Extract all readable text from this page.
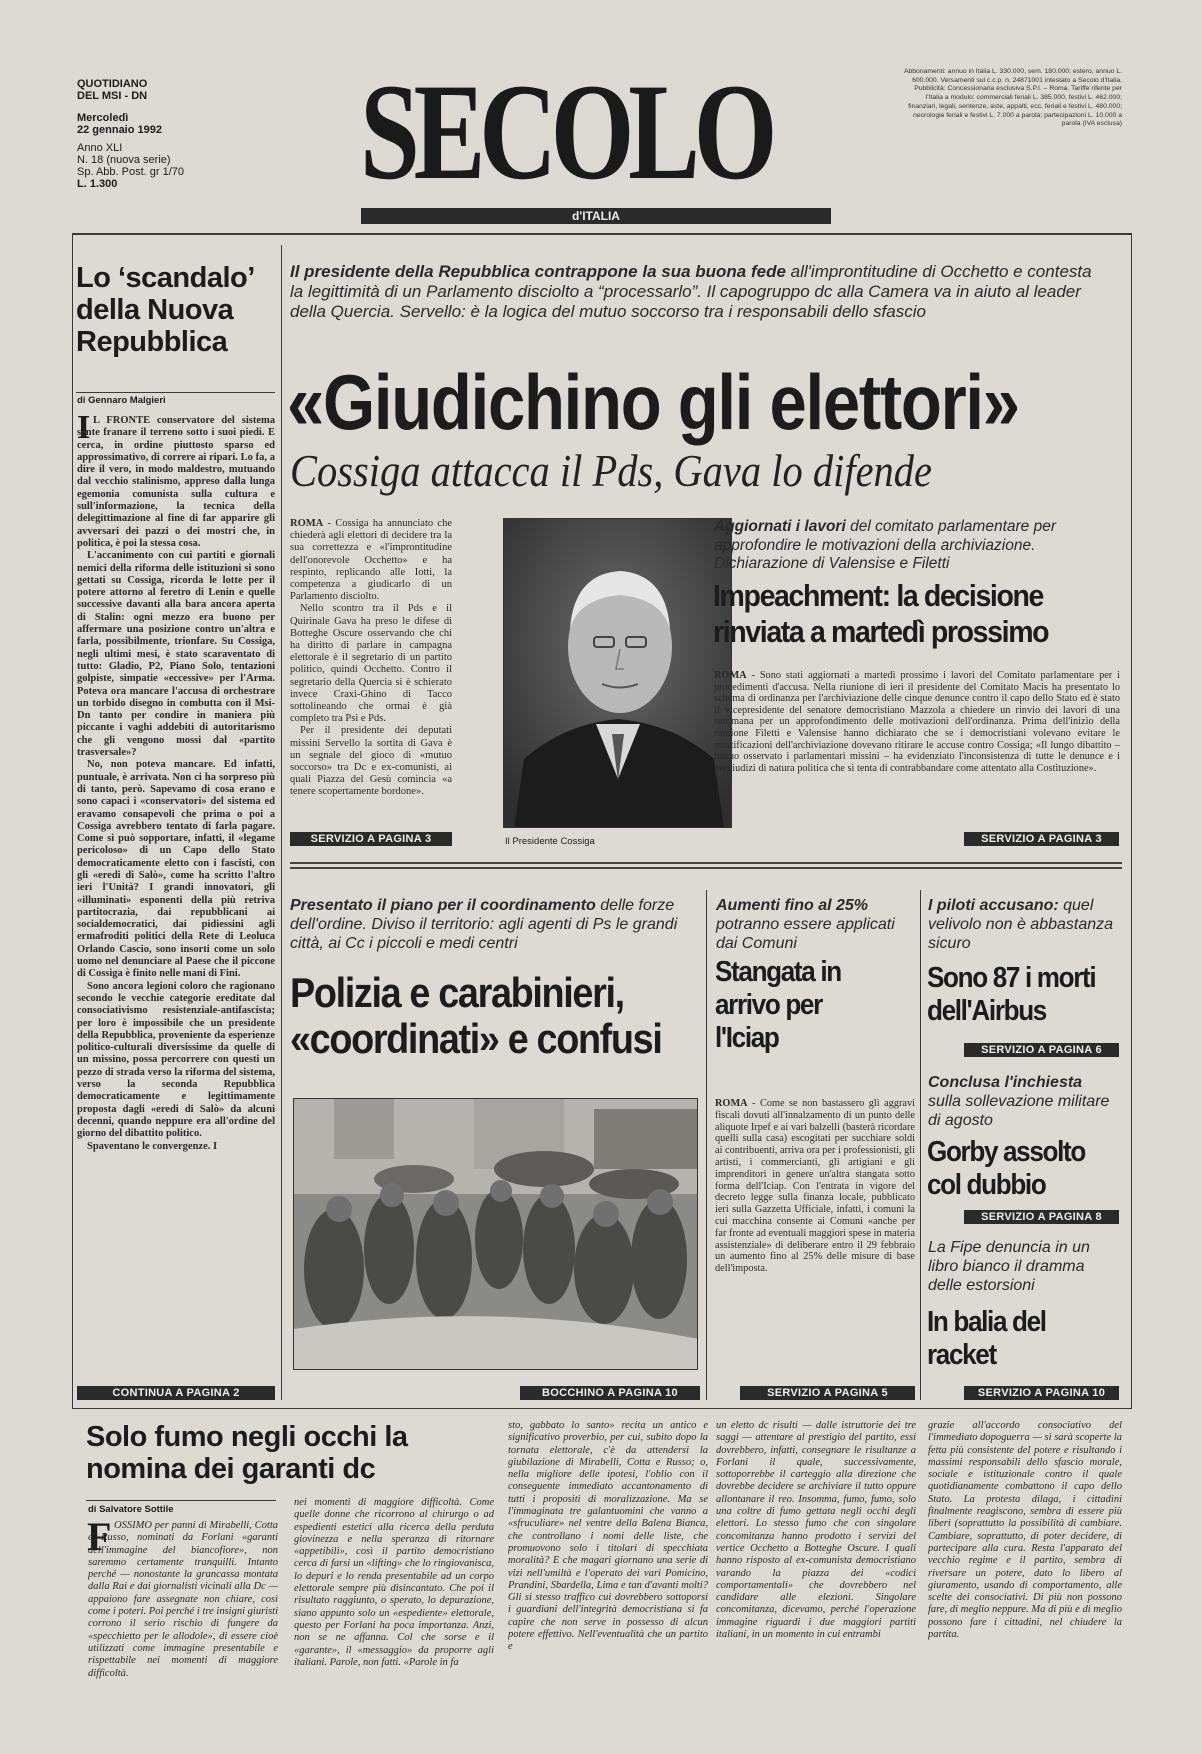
QUOTIDIANO
DEL MSI - DN
Mercoledì
22 gennaio 1992
Anno XLI
N. 18 (nuova serie)
Sp. Abb. Post. gr 1/70
L. 1.300	SECOLO
d'ITALIA
Abbonamenti: annuo in Italia L. 330.000, sem. 180.000; estero, annuo L. 600.000. Versamenti sul c.c.p. n. 24871001 intestato a Secolo d'Italia. Pubblicità: Concessionaria esclusiva S.P.I. – Roma. Tariffe riferite per l'Italia a modulo: commerciali feriali L. 385.000, festivi L. 462.000; finanziari, legali, sentenze, aste, appalti, ecc. feriali e festivi L. 480.000; necrologie feriali e festivi L. 7.000 a parola; partecipazioni L. 10.000 a parola (IVA esclusa)
Lo ‘scandalo’ della Nuova Repubblica
di Gennaro Malgieri
I L FRONTE conservatore del sistema sente franare il terreno sotto i suoi piedi. E cerca, in ordine piuttosto sparso ed approssimativo, di correre ai ripari. Lo fa, a dire il vero, in modo maldestro, mutuando dal vecchio stalinismo, appreso dalla lunga egemonia comunista sulla cultura e sull'informazione, la tecnica della delegittimazione al fine di far apparire gli avversari dei pazzi o dei mostri che, in politica, è poi la stessa cosa.

L'accanimento con cui partiti e giornali nemici della riforma delle istituzioni si sono gettati su Cossiga, ricorda le lotte per il potere attorno al feretro di Lenin e quelle successive davanti alla bara ancora aperta di Stalin: ogni mezzo era buono per affermare una posizione contro un'altra e farla, possibilmente, trionfare. Su Cossiga, negli ultimi mesi, è stato scaraventato di tutto: Gladio, P2, Piano Solo, tentazioni golpiste, simpatie «eccessive» per l'Arma. Poteva ora mancare l'accusa di orchestrare un torbido disegno in combutta con il Msi-Dn tanto per condire in maniera più piccante i vaghi addebiti di autoritarismo che gli vengono mossi dal «partito trasversale»?

No, non poteva mancare. Ed infatti, puntuale, è arrivata. Non ci ha sorpreso più di tanto, però. Sapevamo di cosa erano e sono capaci i «conservatori» del sistema ed eravamo consapevoli che prima o poi a Cossiga avrebbero tentato di farla pagare. Come si può sopportare, infatti, il «legame pericoloso» di un Capo dello Stato democraticamente eletto con i fascisti, con gli «eredi di Salò», come ha scritto l'altro ieri l'Unità? I grandi innovatori, gli «illuminati» esponenti della più retriva partitocrazia, dai repubblicani ai socialdemocratici, dai pidiessini agli ermafroditi politici della Rete di Leoluca Orlando Cascio, sono insorti come un solo uomo nel denunciare al Paese che il piccone di Cossiga è finito nelle mani di Fini.

Sono ancora legioni coloro che ragionano secondo le vecchie categorie ereditate dal consociativismo resistenziale-antifascista; per loro è impossibile che un presidente della Repubblica, proveniente da esperienze politico-culturali diversissime da quelle di un missino, possa percorrere con questi un pezzo di strada verso la riforma del sistema, verso la seconda Repubblica democraticamente e legittimamente proposta dagli «eredi di Salò» da alcuni decenni, quando neppure era all'ordine del giorno del dibattito politico.

Spaventano le convergenze. I

CONTINUA A PAGINA 2
Il presidente della Repubblica contrappone la sua buona fede all'improntitudine di Occhetto e contesta la legittimità di un Parlamento disciolto a “processarlo”. Il capogruppo dc alla Camera va in aiuto al leader della Quercia. Servello: è la logica del mutuo soccorso tra i responsabili dello sfascio
«Giudichino gli elettori»
Cossiga attacca il Pds, Gava lo difende

ROMA - Cossiga ha annunciato che chiederà agli elettori di decidere tra la sua correttezza e «l'improntitudine dell'onorevole Occhetto» e ha respinto, replicando alle Iotti, la competenza a giudicarlo di un Parlamento disciolto.

Nello scontro tra il Pds e il Quirinale Gava ha preso le difese di Botteghe Oscure osservando che chi ha diritto di parlare in campagna elettorale è il segretario di un partito politico, quindi Occhetto. Contro il segretario della Quercia si è schierato invece Craxi-Ghino di Tacco sottolineando che ormai è già completo tra Psi e Pds.

Per il presidente dei deputati missini Servello la sortita di Gava è un segnale del gioco di «mutuo soccorso» tra Dc e ex-comunisti, ai quali Piazza del Gesù comincia «a tenere scopertamente bordone».

SERVIZIO A PAGINA 3	Il Presidente Cossiga
Aggiornati i lavori del comitato parlamentare per approfondire le motivazioni della archiviazione. Dichiarazione di Valensise e Filetti
Impeachment: la decisione rinviata a martedì prossimo

ROMA - Sono stati aggiornati a martedì prossimo i lavori del Comitato parlamentare per i procedimenti d'accusa. Nella riunione di ieri il presidente del Comitato Macis ha presentato lo schema di ordinanza per l'archiviazione delle cinque denunce contro il capo dello Stato ed è stato il vicepresidente del senatore democristiano Mazzola a chiedere un rinvio dei lavori di una settimana per un approfondimento delle motivazioni dell'ordinanza. Prima dell'inizio della riunione Filetti e Valensise hanno dichiarato che se i democristiani volevano evitare le mortificazioni dell'archiviazione dovevano ritirare le accuse contro Cossiga; «Il lungo dibattito – hanno osservato i parlamentari missini – ha evidenziato l'inconsistenza di tutte le denunce e i pregiudizi di natura politica che si tenta di contrabbandare come attentato alla Costituzione».

SERVIZIO A PAGINA 3
Presentato il piano per il coordinamento delle forze dell'ordine. Diviso il territorio: agli agenti di Ps le grandi città, ai Cc i piccoli e medi centri
Polizia e carabinieri, «coordinati» e confusi
BOCCHINO A PAGINA 10
Aumenti fino al 25% potranno essere applicati dai Comuni
Stangata in arrivo per l'Iciap

ROMA - Come se non bastassero gli aggravi fiscali dovuti all'innalzamento di un punto delle aliquote Irpef e ai vari balzelli (basterà ricordare quelli sulla casa) escogitati per succhiare soldi ai contribuenti, arriva ora per i professionisti, gli artisti, i commercianti, gli artigiani e gli imprenditori in genere un'altra stangata sotto forma dell'Iciap. Con l'entrata in vigore del decreto legge sulla finanza locale, pubblicato ieri sulla Gazzetta Ufficiale, infatti, i comuni la cui macchina consente ai Comuni «anche per far fronte ad eventuali maggiori spese in materia assistenziale» di deliberare entro il 29 febbraio un aumento fino al 25% delle misure di base dell'imposta.

SERVIZIO A PAGINA 5
I piloti accusano: quel velivolo non è abbastanza sicuro
Sono 87 i morti dell'Airbus
SERVIZIO A PAGINA 6
Conclusa l'inchiesta sulla sollevazione militare di agosto
Gorby assolto col dubbio
SERVIZIO A PAGINA 8
La Fipe denuncia in un libro bianco il dramma delle estorsioni
In balia del racket
SERVIZIO A PAGINA 10
Solo fumo negli occhi la nomina dei garanti dc
di Salvatore Sottile
F OSSIMO per panni di Mirabelli, Cotta e Russo, nominati da Forlani «garanti dell'immagine del biancofiore», non saremmo certamente tranquilli. Intanto perché — nonostante la grancassa montata dalla Rai e dai giornalisti vicinali alla Dc — appaiono fare assegnate non chiare, così come i poteri. Poi perché i tre insigni giuristi corrono il serio rischio di fungere da «specchietto per le allodole», di essere cioè utilizzati come immagine presentabile e rispettabile nei momenti di maggiore difficoltà.
nei momenti di maggiore difficoltà. Come quelle donne che ricorrono al chirurgo o ad espedienti estetici alla ricerca della perduta giovinezza e nella speranza di ritornare «appetibili», così il partito democristiano cerca di farsi un «lifting» che lo ringiovanisca, lo depuri e lo renda presentabile ad un corpo elettorale sempre più disincantato. Che poi il risultato raggiunto, o sperato, lo depurazione, siano appunto solo un «espediente» elettorale, questo per Forlani ha poca importanza. Anzi, non se ne affanna. Col che sorse e il «garante», il «messaggio» da proporre agli italiani. Parole, non fatti. «Parole in fa
sto, gabbato lo santo» recita un antico e significativo proverbio, per cui, subito dopo la tornata elettorale, c'è da attendersi la giubilazione di Mirabelli, Cotta e Russo; o, nella migliore delle ipotesi, l'oblio con il conseguente immediato accantonamento di tutti i propositi di moralizzazione. Ma se l'immaginata tre galantuomini che vanno a «sfruculiare» nel ventre della Balena Bianca, che controllano i nomi delle liste, che promuovono solo i titolari di specchiata moralità? E che magari giornano una serie di vizi nell'umiltà e l'operato dei vari Pomicino, Prandini, Sbardella, Lima e tan d'avanti molti? Gli si stesso traffico cui dovrebbero sottoporsi i guardiani dell'integrità democristiana si fa capire che non serve in possesso di alcun potere effettivo. Nell'eventualità che un partito e
un eletto dc risulti — dalle istruttorie dei tre saggi — attentare al prestigio del partito, essi dovrebbero, infatti, consegnare le risultanze a Forlani il quale, successivamente, sottoporrebbe il carteggio alla direzione che dovrebbe decidere se archiviare il tutto oppure allontanare il reo. Insomma, fumo, fumo, solo una coltre di fumo gettata negli occhi degli elettori. Lo stesso fumo che con singolare concomitanza hanno prodotto i servizi del vertice Occhetto a Botteghe Oscure. I quali hanno risposto al ex-comunista democristiano varando la piazza dei «codici comportamentali» che dovrebbero nel candidare alle elezioni. Singolare concomitanza, dicevamo, perché l'operazione immagine riguardi i due maggiori partiti italiani, in un momento in cui entrambi
grazie all'accordo consociativo del l'immediato dopoguerra — si sarà scoperte la fetta più consistente del potere e risultando i massimi responsabili dello sfascio morale, sociale e istituzionale contro il quale quotidianamente combattono il capo dello Stato. La protesta dilaga, i cittadini finalmente reagiscono, sembra di essere più liberi (soprattutto la possibilità di cambiare. Cambiare, soprattutto, di poter decidere, di partecipare alla cura. Resta l'apparato del vecchio regime e il partito, sembra di riversare un potere, dato lo libero al giuramento, usando di comportamento, alle scelte dei consociativi. Di più non possono fare, di meglio neppure. Ma di più e di meglio possono fare i cittadini, nel chiudere la partita.
